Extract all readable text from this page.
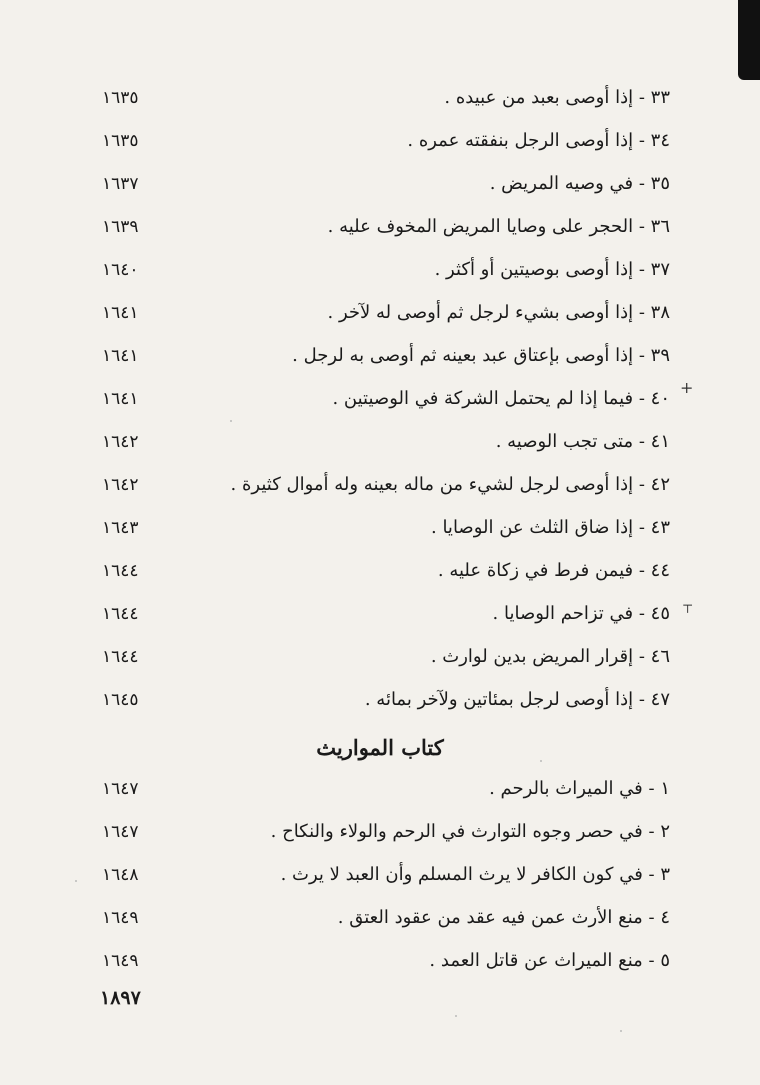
٣٣ - إذا أوصى بعبد من عبيده .
١٦٣٥
٣٤ - إذا أوصى الرجل بنفقته عمره .
١٦٣٥
٣٥ - في وصيه المريض .
١٦٣٧
٣٦ - الحجر على وصايا المريض المخوف عليه .
١٦٣٩
٣٧ - إذا أوصى بوصيتين أو أكثر .
١٦٤٠
٣٨ - إذا أوصى بشيء لرجل ثم أوصى له لآخر .
١٦٤١
٣٩ - إذا أوصى بإعتاق عبد بعينه ثم أوصى به لرجل .
١٦٤١
٤٠ - فيما إذا لم يحتمل الشركة في الوصيتين .
١٦٤١
٤١ - متى تجب الوصيه .
١٦٤٢
٤٢ - إذا أوصى لرجل لشيء من ماله بعينه وله أموال كثيرة .
١٦٤٢
٤٣ - إذا ضاق الثلث عن الوصايا .
١٦٤٣
٤٤ - فيمن فرط في زكاة عليه .
١٦٤٤
٤٥ - في تزاحم الوصايا .
١٦٤٤
٤٦ - إقرار المريض بدين لوارث .
١٦٤٤
٤٧ - إذا أوصى لرجل بمئاتين ولآخر بمائه .
١٦٤٥
كتاب المواريث
١ - في الميراث بالرحم .
١٦٤٧
٢ - في حصر وجوه التوارث في الرحم والولاء والنكاح .
١٦٤٧
٣ - في كون الكافر لا يرث المسلم وأن العبد لا يرث .
١٦٤٨
٤ - منع الأرث عمن فيه عقد من عقود العتق .
١٦٤٩
٥ - منع الميراث عن قاتل العمد .
١٦٤٩
١٨٩٧
+
⊤
